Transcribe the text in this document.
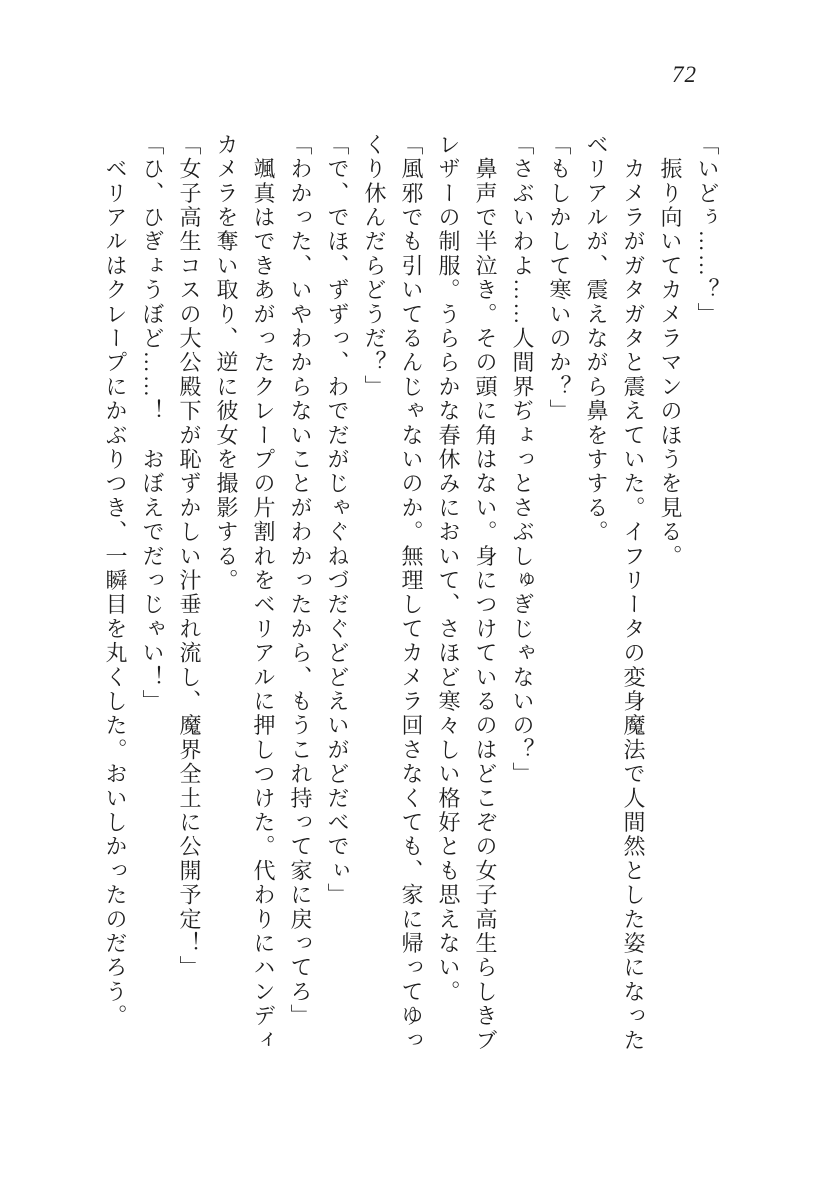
72

「いどぅ……？」

　振り向いてカメラマンのほうを見る。

　カメラがガタガタと震えていた。イフリータの変身魔法で人間然とした姿になったベリアルが、震えながら鼻をすする。

「もしかして寒いのか？」

「さぶいわよ……人間界ぢょっとさぶしゅぎじゃないの？」

　鼻声で半泣き。その頭に角はない。身につけているのはどこぞの女子高生らしきブレザーの制服。うららかな春休みにおいて、さほど寒々しい格好とも思えない。

「風邪でも引いてるんじゃないのか。無理してカメラ回さなくても、家に帰ってゆっくり休んだらどうだ？」

「で、でほ、ずずっ、わでだがじゃぐねづだぐどどえいがどだべでぃ」

「わかった、いやわからないことがわかったから、もうこれ持って家に戻ってろ」

　颯真はできあがったクレープの片割れをベリアルに押しつけた。代わりにハンディカメラを奪い取り、逆に彼女を撮影する。

「女子高生コスの大公殿下が恥ずかしい汁垂れ流し、魔界全土に公開予定！」

「ひ、ひぎょうぼど……！　おぼえでだっじゃい！」

　ベリアルはクレープにかぶりつき、一瞬目を丸くした。おいしかったのだろう。
